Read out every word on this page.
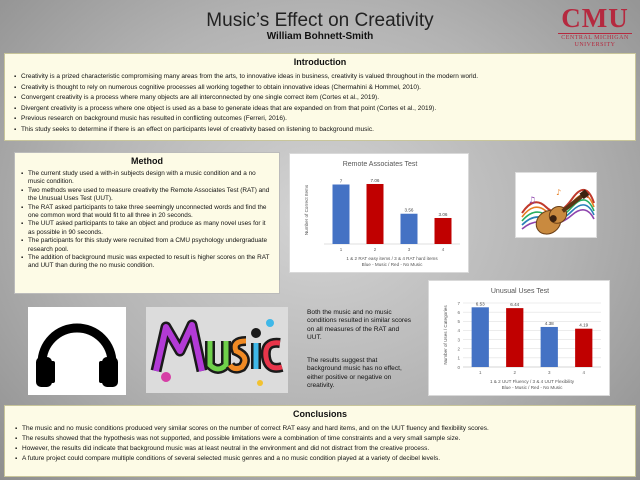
Music’s Effect on Creativity
William Bohnett-Smith
CMU
CENTRAL MICHIGAN
UNIVERSITY
Introduction
▪ Creativity is a prized characteristic compromising many areas from the arts, to innovative ideas in business, creativity is valued throughout in the modern world.
▪ Creativity is thought to rely on numerous cognitive processes all working together to obtain innovative ideas (Chermahini & Hommel, 2010).
▪ Convergent creativity is a process where many objects are all interconnected by one single correct item (Cortes et al., 2019).
▪ Divergent creativity is a process where one object is used as a base to generate ideas that are expanded on from that point (Cortes et al., 2019).
▪ Previous research on background music has resulted in conflicting outcomes (Ferreri, 2016).
▪ This study seeks to determine if there is an effect on participants level of creativity based on listening to background music.
Method
▪ The current study used a with-in subjects design with a music condition and a no music condition.
▪ Two methods were used to measure creativity the Remote Associates Test (RAT) and the Unusual Uses Test (UUT).
▪ The RAT asked participants to take three seemingly unconnected words and find the one common word that would fit to all three in 20 seconds.
▪ The UUT asked participants to take an object and produce as many novel uses for it as possible in 90 seconds.
▪ The participants for this study were recruited from a CMU psychology undergraduate research pool.
▪ The addition of background music was expected to result is higher scores on the RAT and UUT than during the no music condition.
Remote Associates Test
7
1
7.06
2
3.56
3
3.06
4
1 & 2 RAT easy items / 3 & 4 RAT hard items
Blue - Music / Red - No Music
Number of Correct Items	♫
♪
Unusual Uses Test
0
1
2
3
4
5
6
7	6.53
1
6.44
2
4.38
3
4.19
4
1 & 2 UUT Fluency / 3 & 4 UUT Flexibility
Blue - Music / Red - No Music
Number of Uses / Categories
Both the music and no music conditions resulted in similar scores on all measures of the RAT and UUT.
The results suggest that background music has no effect, either positive or negative on creativity.
Conclusions
▪ The music and no music conditions produced very similar scores on the number of correct RAT easy and hard items, and on the UUT fluency and flexibility scores.
▪ The results showed that the hypothesis was not supported, and possible limitations were a combination of time constraints and a very small sample size.
▪ However, the results did indicate that background music was at least neutral in the environment and did not distract from the creative process.
▪ A future project could compare multiple conditions of several selected music genres and a no music condition played at a variety of decibel levels.
